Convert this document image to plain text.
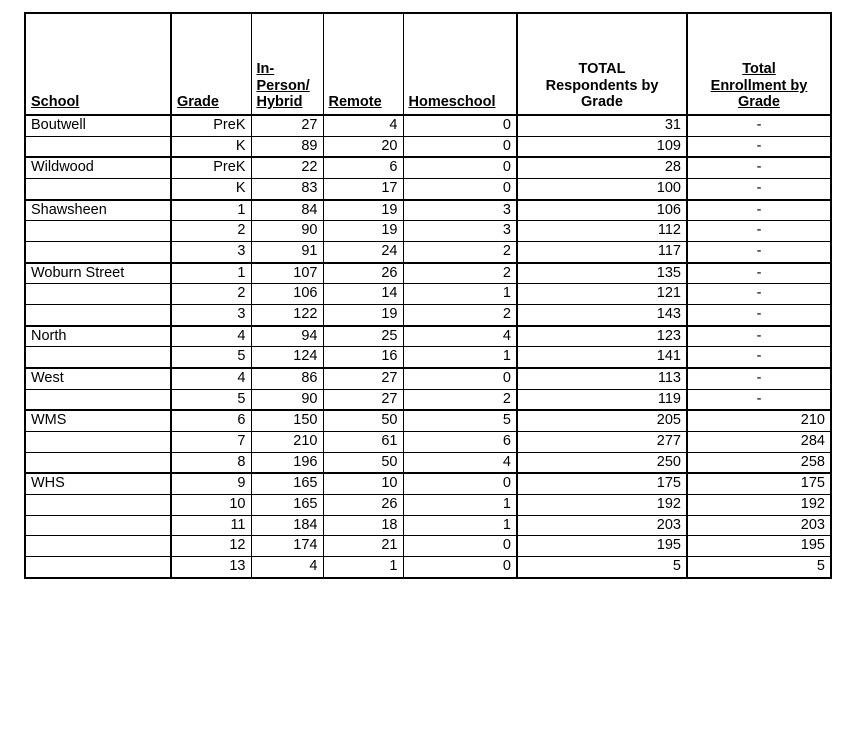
School	Grade	In-
Person/
Hybrid	Remote	Homeschool	TOTAL
Respondents by
Grade	Total
Enrollment by
Grade

Boutwell	PreK	27	4	0	31	-
	K	89	20	0	109	-
Wildwood	PreK	22	6	0	28	-
	K	83	17	0	100	-
Shawsheen	1	84	19	3	106	-
	2	90	19	3	112	-
	3	91	24	2	117	-
Woburn Street	1	107	26	2	135	-
	2	106	14	1	121	-
	3	122	19	2	143	-
North	4	94	25	4	123	-
	5	124	16	1	141	-
West	4	86	27	0	113	-
	5	90	27	2	119	-
WMS	6	150	50	5	205	210
	7	210	61	6	277	284
	8	196	50	4	250	258
WHS	9	165	10	0	175	175
	10	165	26	1	192	192
	11	184	18	1	203	203
	12	174	21	0	195	195
	13	4	1	0	5	5
